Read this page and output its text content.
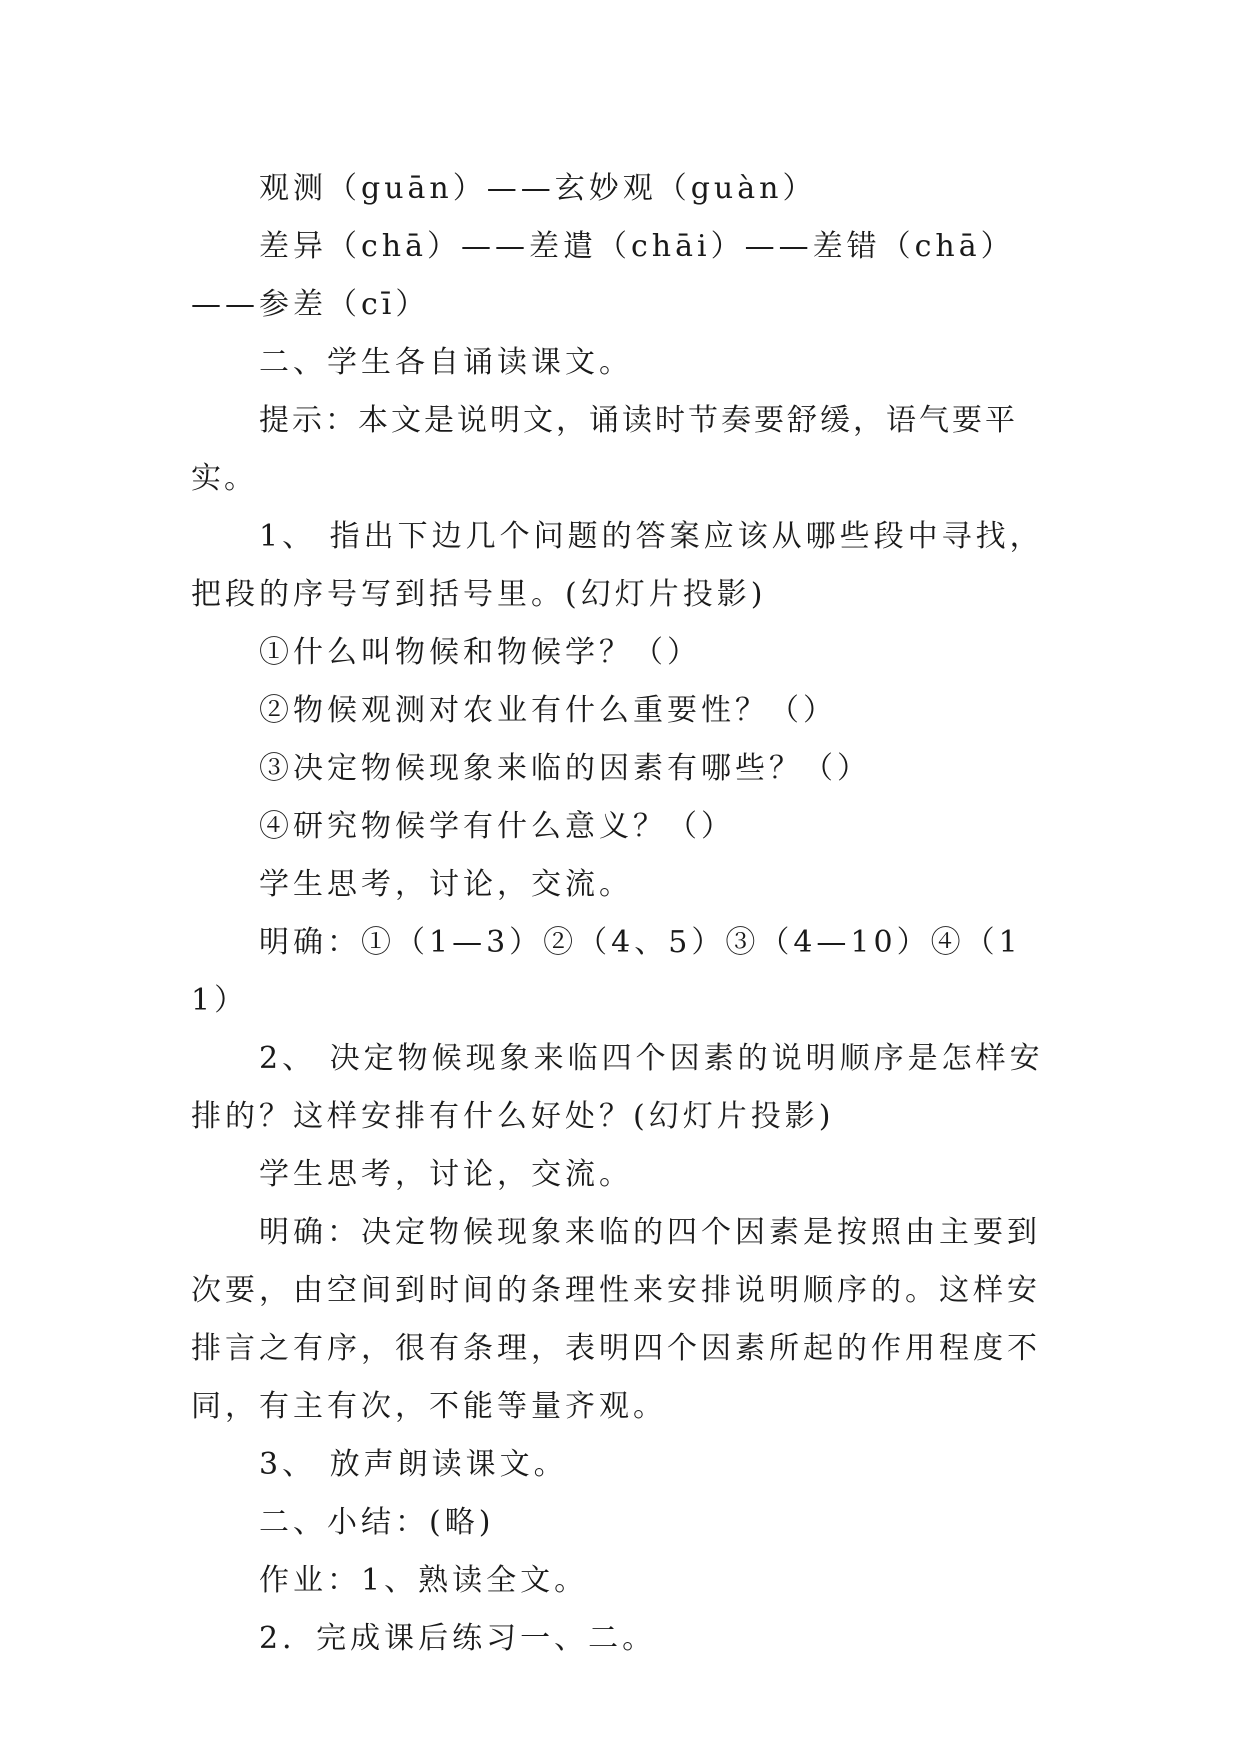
观测（guān）——玄妙观（guàn）

差异（chā）——差遣（chāi）——差错（chā）——参差（cī）

二、学生各自诵读课文。

提示：本文是说明文，诵读时节奏要舒缓，语气要平实。

1、 指出下边几个问题的答案应该从哪些段中寻找，把段的序号写到括号里。(幻灯片投影)

①什么叫物候和物候学？（）

②物候观测对农业有什么重要性？（）

③决定物候现象来临的因素有哪些？（）

④研究物候学有什么意义？（）

学生思考，讨论，交流。

明确：①（1—3）②（4、5）③（4—10）④（11）

2、 决定物候现象来临四个因素的说明顺序是怎样安排的？这样安排有什么好处？(幻灯片投影)

学生思考，讨论，交流。

明确：决定物候现象来临的四个因素是按照由主要到次要，由空间到时间的条理性来安排说明顺序的。这样安排言之有序，很有条理，表明四个因素所起的作用程度不同，有主有次，不能等量齐观。

3、 放声朗读课文。

二、小结：(略)

作业：1、熟读全文。

2．完成课后练习一、二。
